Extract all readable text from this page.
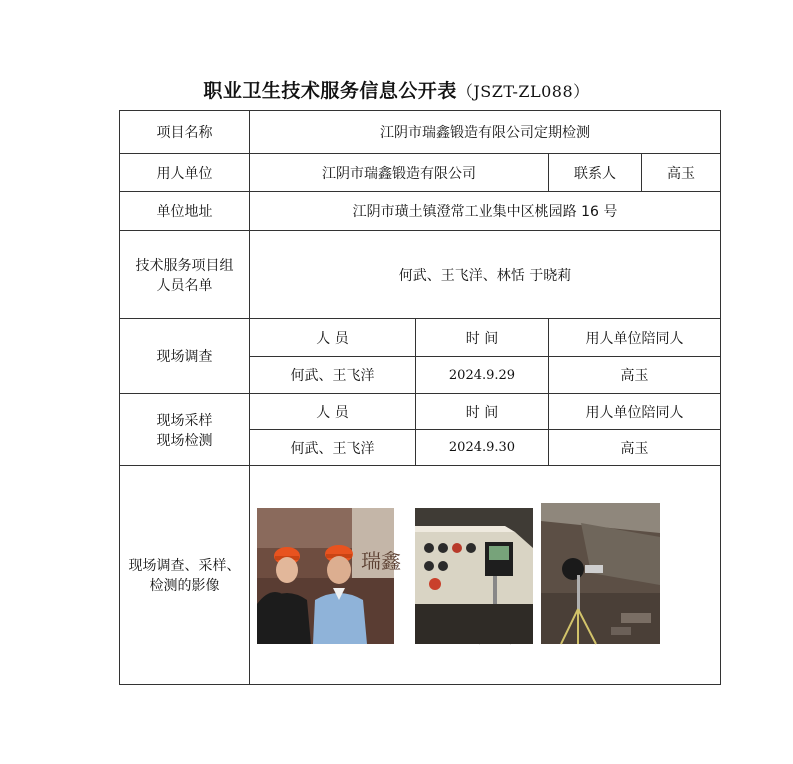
职业卫生技术服务信息公开表（JSZT-ZL088）
项目名称	江阴市瑞鑫锻造有限公司定期检测			
用人单位	江阴市瑞鑫锻造有限公司		联系人	高玉
单位地址	江阴市璜土镇澄常工业集中区桃园路 16 号			

技术服务项目组
人员名单	何武、王飞洋、林恬 于晓莉			
现场调查	人 员	时 间	用人单位陪同人	
	何武、王飞洋	2024.9.29	高玉	

现场采样
现场检测	人 员	时 间	用人单位陪同人	
	何武、王飞洋	2024.9.30	高玉	

现场调查、采样、
检测的影像	瑞鑫			
